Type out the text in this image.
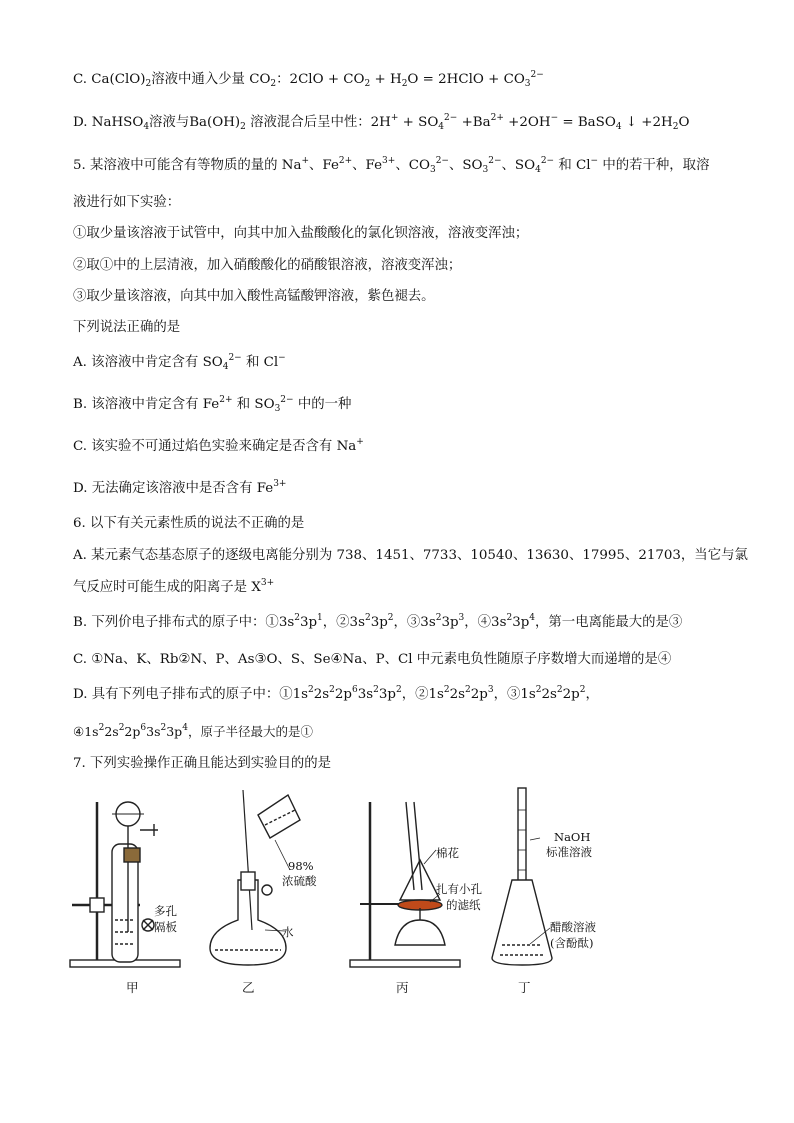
C. $Ca(ClO)_2$溶液中通入少量 $CO_2$：$2ClO + CO_2 + H_2O$ = 2HClO + $CO_3^{2-}$
D. NaHSO$_4$溶液与$Ba(OH)_2$ 溶液混合后呈中性：$2H^+ + SO_4^{2-} +Ba^{2+} +2OH^-$ = BaSO$_4$ ↓ $+2H_2O$
5. 某溶液中可能含有等物质的量的 Na+、$Fe^{2+}$、$Fe^{3+}$、$CO_3^{2-}$、$SO_3^{2-}$、$SO_4^{2-}$ 和 Cl− 中的若干种，取溶
液进行如下实验：
①取少量该溶液于试管中，向其中加入盐酸酸化的氯化钡溶液，溶液变浑浊；
②取①中的上层清液，加入硝酸酸化的硝酸银溶液，溶液变浑浊；
③取少量该溶液，向其中加入酸性高锰酸钾溶液，紫色褪去。
下列说法正确的是
A. 该溶液中肯定含有 $SO_4^{2-}$ 和 Cl−
B. 该溶液中肯定含有 $Fe^{2+}$ 和 $SO_3^{2-}$ 中的一种
C. 该实验不可通过焰色实验来确定是否含有 Na+
D. 无法确定该溶液中是否含有 $Fe^{3+}$
6. 以下有关元素性质的说法不正确的是
A. 某元素气态基态原子的逐级电离能分别为 738、1451、7733、10540、13630、17995、21703，当它与氯
气反应时可能生成的阳离子是 $X^{3+}$
B. 下列价电子排布式的原子中：$①3s^23p^1$，$②3s^23p^2$，$③3s^23p^3$，$④3s^23p^4$，第一电离能最大的是③
C. ①Na、K、Rb②N、P、As③O、S、Se④Na、P、Cl 中元素电负性随原子序数增大而递增的是④
D. 具有下列电子排布式的原子中：$①1s^22s^22p^63s^23p^2$，$②1s^22s^22p^3$，$③1s^22s^22p^2$，
$④1s^22s^22p^63s^23p^4$，原子半径最大的是①
7. 下列实验操作正确且能达到实验目的的是
多孔
隔板
98%
浓硫酸
水
棉花
扎有小孔
的滤纸
NaOH
标准溶液
醋酸溶液
(含酚酞)
甲	乙	丙	丁
